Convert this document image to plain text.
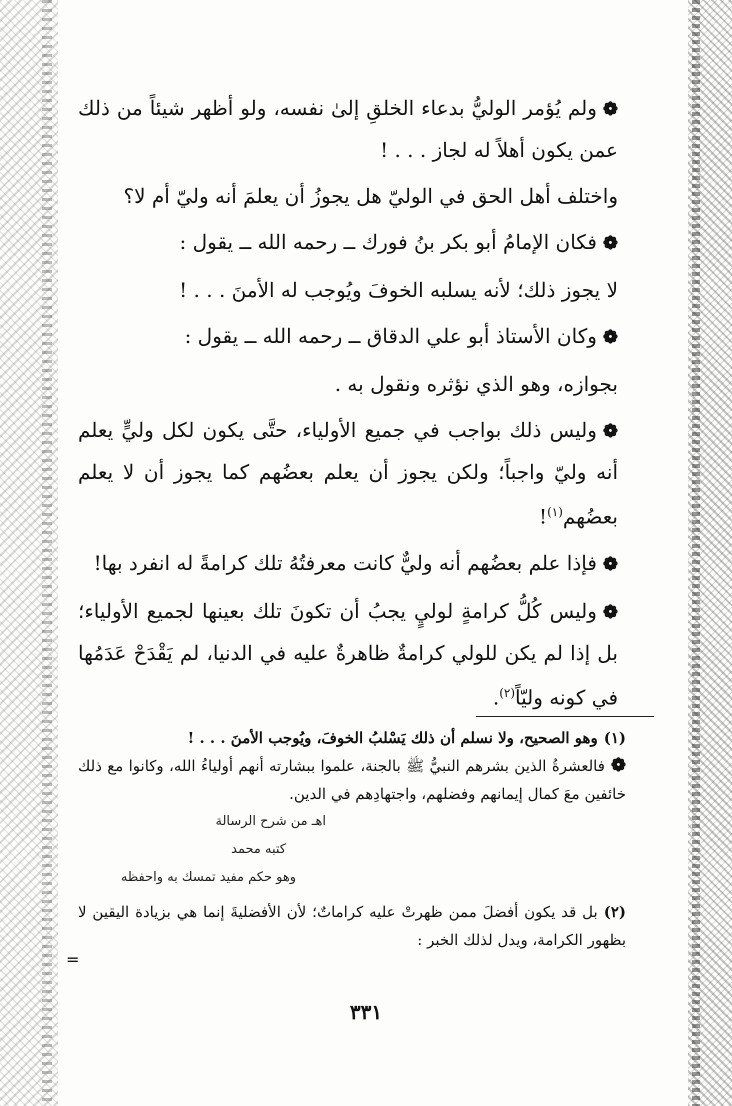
❁ولم يُؤمر الوليُّ بدعاء الخلقِ إلىٰ نفسه، ولو أظهر شيئاً من ذلك عمن يكون أهلاً له لجاز . . . !

واختلف أهل الحق في الوليّ هل يجوزُ أن يعلمَ أنه وليّ أم لا؟

❁فكان الإمامُ أبو بكر بنُ فورك ــ رحمه الله ــ يقول :

لا يجوز ذلك؛ لأنه يسلبه الخوفَ ويُوجب له الأمنَ . . . !

❁وكان الأستاذ أبو علي الدقاق ــ رحمه الله ــ يقول :

بجوازه، وهو الذي نؤثره ونقول به .

❁وليس ذلك بواجب في جميع الأولياء، حتَّى يكون لكل وليٍّ يعلم أنه وليّ واجباً؛ ولكن يجوز أن يعلم بعضُهم كما يجوز أن لا يعلم بعضُهم$^{(١)}$!

❁فإذا علم بعضُهم أنه وليٌّ كانت معرفتُهُ تلك كرامةً له انفرد بها!

❁وليس كُلُّ كرامةٍ لوليٍ يجبُ أن تكونَ تلك بعينها لجميع الأولياء؛ بل إذا لم يكن للولي كرامةٌ ظاهرةٌ عليه في الدنيا، لم يَقْدَحْ عَدَمُها في كونه وليّاً$^{(٢)}$.

(١)وهو الصحيح، ولا نسلم أن ذلك يَسْلبُ الخوفَ، ويُوجب الأمنَ . . . !

❁فالعشرةُ الذين بشرهم النبيُّ ﷺ بالجنة، علموا ببشارته أنهم أولياءُ الله، وكانوا مع ذلك خائفين معَ كمال إيمانهم وفضلهم، واجتهادِهم في الدين.

اهـ من شرح الرسالة

كتبه محمد

وهو حكم مفيد تمسك به واحفظه

(٢)بل قد يكون أفضلَ ممن ظهرتْ عليه كراماتٌ؛ لأن الأفضليةَ إنما هي بزيادة اليقين لا بظهور الكرامة، ويدل لذلك الخبر :

=
٣٣١
